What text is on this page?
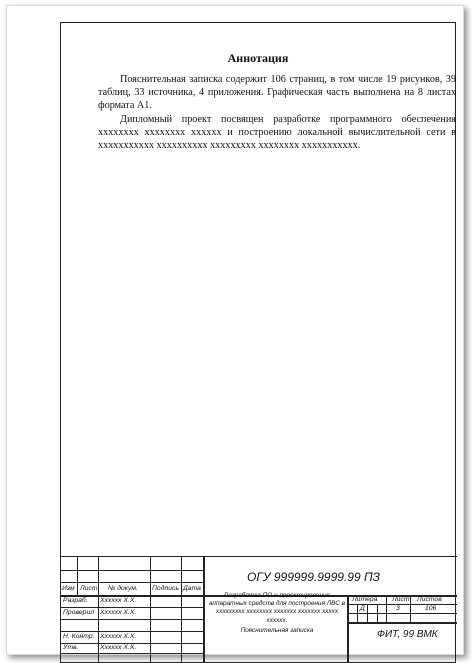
Аннотация

Пояснительная записка содержит 106 страниц, в том числе 19 рисунков, 39 таблиц, 33 источника, 4 приложения. Графическая часть выполнена на 8 листах формата А1.

Дипломный проект посвящен разработке программного обеспечения хххххххх хххххххх хххххх и построению локальной вычислительной сети в ххххххххххх хххххххххх ххххххххх хххххххх ххххххххххх.

Изм Лист № докум. Подпись Дата
Разраб. Хххххх Х.Х.
Проверил Хххххх Х.Х.
Н. Контр. Хххххх Х.Х.
Утв.	Хххххх Х.Х.
ОГУ 999999.9999.99 ПЗ
Разработка ПО и проектирование аппаратных средств для построения ЛВС в ххххххххх хххххххх ххххххх ххххххх ххххх хххххх.
Пояснительная записка
Литера Лист Листов
Д	3	106
ФИТ, 99 ВМК
